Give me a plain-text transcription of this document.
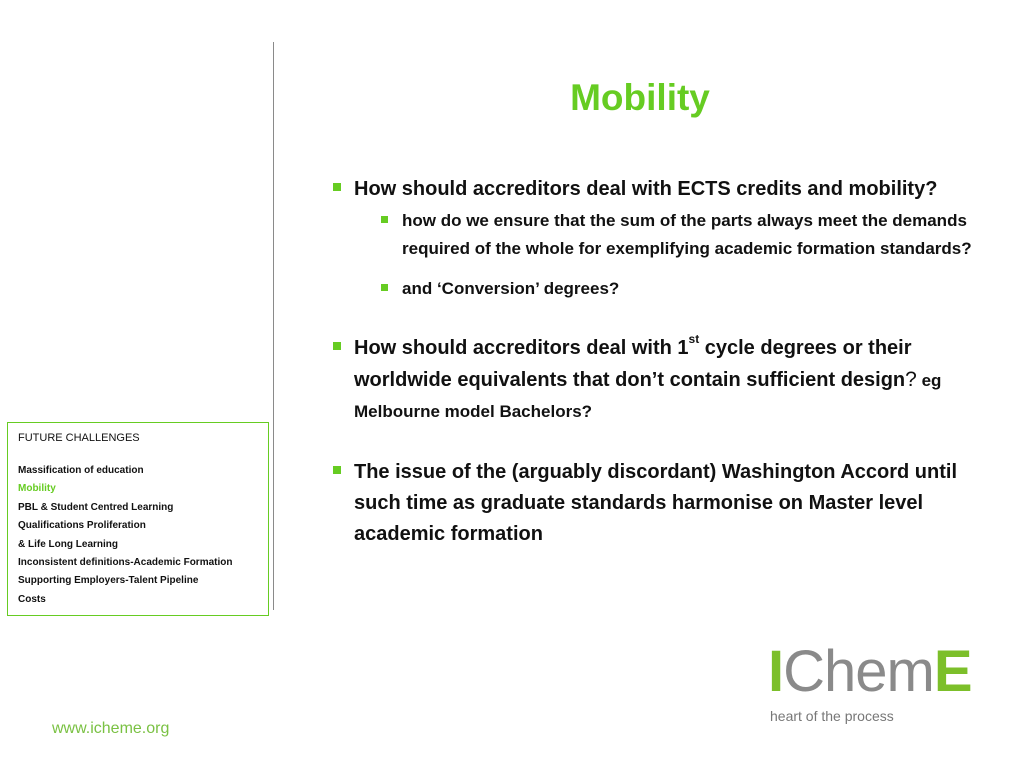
Mobility
How should accreditors deal with ECTS credits and mobility?
how do we ensure that the sum of the parts always meet the demands required of the whole for exemplifying academic formation standards?
and ‘Conversion’ degrees?
How should accreditors deal with 1st cycle degrees or their worldwide equivalents that don’t contain sufficient design? eg Melbourne model Bachelors?
The issue of the (arguably discordant) Washington Accord until such time as graduate standards harmonise on Master level academic formation
FUTURE CHALLENGES
Massification of education
Mobility
PBL & Student Centred Learning
Qualifications Proliferation
& Life Long Learning
Inconsistent definitions-Academic Formation
Supporting Employers-Talent Pipeline
Costs
www.icheme.org
IChemE
heart of the process
